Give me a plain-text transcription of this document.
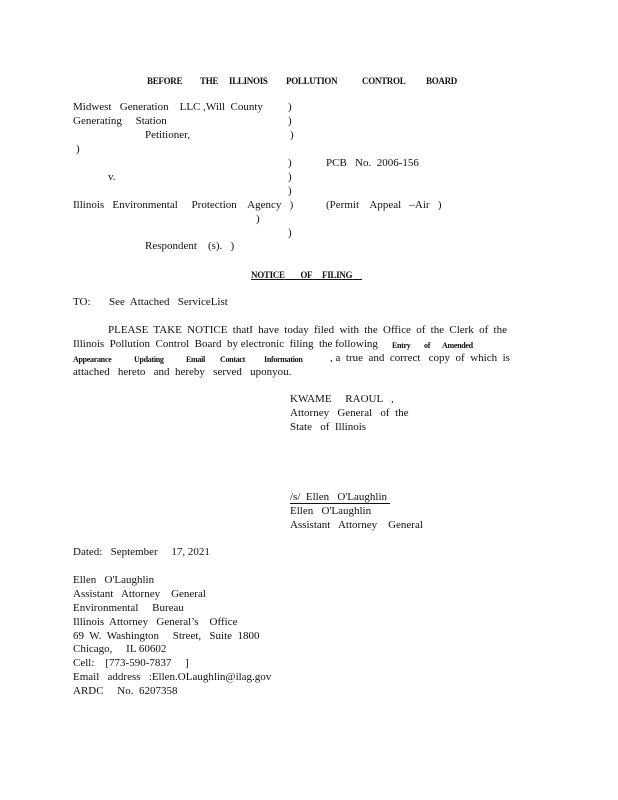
BEFORE THE ILLINOIS POLLUTION	CONTROL BOARD
Midwest   Generation    LLC ,Will  County
Generating     Station
Petitioner,
)
)
)
)
)
)
)
)
PCB   No.  2006-156
v.
Illinois   Environmental     Protection    Agency   )	(Permit    Appeal   –Air   )
)
Respondent    (s).   )
NOTICE OF FILING
TO: See  Attached   ServiceList
PLEASE TAKE NOTICE thatI have today filed with the Office of the Clerk of the
Illinois  Pollution  Control  Board  by electronic  filing  the following Entry of Amended
Appearance	Updating	Email Contact Information	, a  true  and  correct   copy  of  which  is
attached   hereto   and  hereby   served   uponyou.
KWAME     RAOUL   ,
Attorney   General   of  the
State   of  Illinois
/s/  Ellen   O'Laughlin
Ellen   O'Laughlin
Assistant   Attorney    General
Dated:   September     17, 2021
Ellen   O'Laughlin
Assistant   Attorney    General
Environmental     Bureau
Illinois  Attorney   General’s    Office
69  W.  Washington     Street,   Suite  1800
Chicago,     IL 60602
Cell:    [773-590-7837     ]
Email   address   :Ellen.OLaughlin@ilag.gov
ARDC     No.  6207358
